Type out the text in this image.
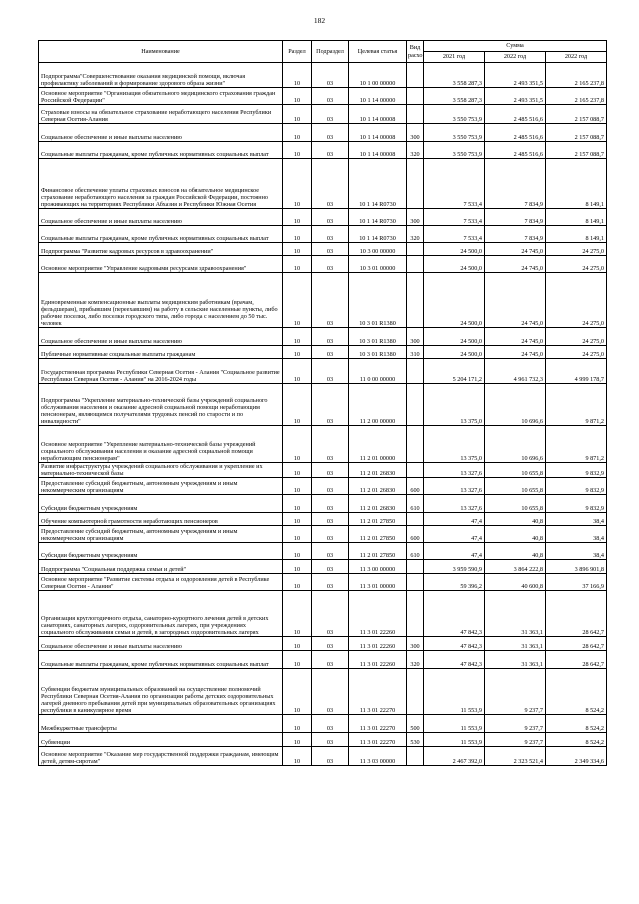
182
Наименование	Раздел	Подраздел	Целевая статья	Вид расхо	Сумма		
					2021 год	2022 год	2022 год
Подпрограмма"Совершенствование оказания медицинской помощи, включая профилактику заболеваний и формирование здорового образа жизни"	10	03	10 1 00 00000		3 558 287,3	2 493 351,5	2 165 237,8
Основное мероприятие "Организация обязательного медицинского страхования граждан Российской Федерации"	10	03	10 1 14 00000		3 558 287,3	2 493 351,5	2 165 237,8
Страховые взносы на обязательное страхование неработающего населения Республики Северная Осетия-Алания	10	03	10 1 14 00008		3 550 753,9	2 485 516,6	2 157 088,7
Социальное обеспечение и иные выплаты населению	10	03	10 1 14 00008	300	3 550 753,9	2 485 516,6	2 157 088,7
Социальные выплаты гражданам, кроме публичных нормативных социальных выплат	10	03	10 1 14 00008	320	3 550 753,9	2 485 516,6	2 157 088,7
Финансовое обеспечение уплаты страховых взносов на обязательное медицинское страхование неработающего населения за граждан Российской Федерации, постоянно проживающих на территориях Республики Абхазия и Республики Южная Осетия	10	03	10 1 14 R0730		7 533,4	7 834,9	8 149,1
Социальное обеспечение и иные выплаты населению	10	03	10 1 14 R0730	300	7 533,4	7 834,9	8 149,1
Социальные выплаты гражданам, кроме публичных нормативных социальных выплат	10	03	10 1 14 R0730	320	7 533,4	7 834,9	8 149,1
Подпрограмма "Развитие кадровых ресурсов в здравоохранении"	10	03	10 3 00 00000		24 500,0	24 745,0	24 275,0
Основное мероприятие "Управление кадровыми ресурсами здравоохранения"	10	03	10 3 01 00000		24 500,0	24 745,0	24 275,0
Единовременные компенсационные выплаты медицинским работникам (врачам, фельдшерам), прибывшим (переехавшим) на работу в сельские населенные пункты, либо рабочие поселки, либо поселки городского типа, либо города с населением до 50 тыс. человек	10	03	10 3 01 R1380		24 500,0	24 745,0	24 275,0
Социальное обеспечение и иные выплаты населению	10	03	10 3 01 R1380	300	24 500,0	24 745,0	24 275,0
Публичные нормативные социальные выплаты гражданам	10	03	10 3 01 R1380	310	24 500,0	24 745,0	24 275,0
Государственная программа Республики Северная Осетия - Алания "Социальное развитие Республики Северная Осетия - Алания" на 2016-2024 годы	10	03	11 0 00 00000		5 204 171,2	4 961 732,3	4 999 178,7
Подпрограмма "Укрепление материально-технической базы учреждений социального обслуживания населения и оказание адресной социальной помощи неработающим пенсионерам, являющимся получателями трудовых пенсий по старости и по инвалидности"	10	03	11 2 00 00000		13 375,0	10 696,6	9 871,2
Основное мероприятие "Укрепление материально-технической базы учреждений социального обслуживания населения и оказание адресной социальной помощи неработающим пенсионерам"	10	03	11 2 01 00000		13 375,0	10 696,6	9 871,2
Развитие инфраструктуры учреждений социального обслуживания и укрепление их материально-технической базы	10	03	11 2 01 26830		13 327,6	10 655,8	9 832,9
Предоставление субсидий бюджетным, автономным учреждениям и иным некоммерческим организациям	10	03	11 2 01 26830	600	13 327,6	10 655,8	9 832,9
Субсидии бюджетным учреждениям	10	03	11 2 01 26830	610	13 327,6	10 655,8	9 832,9
Обучение компьютерной грамотности неработающих пенсионеров	10	03	11 2 01 27850		47,4	40,8	38,4
Предоставление субсидий бюджетным, автономным учреждениям и иным некоммерческим организациям	10	03	11 2 01 27850	600	47,4	40,8	38,4
Субсидии бюджетным учреждениям	10	03	11 2 01 27850	610	47,4	40,8	38,4
Подпрограмма "Социальная поддержка семьи и детей"	10	03	11 3 00 00000		3 959 590,9	3 864 222,8	3 896 901,8
Основное мероприятие "Развитие системы отдыха и оздоровления детей в Республике Северная Осетия - Алания"	10	03	11 3 01 00000		59 396,2	40 600,8	37 166,9
Организация круглогодичного отдыха, санаторно-курортного лечения детей в детских санаториях, санаторных лагерях, оздоровительных лагерях, при учреждениях социального обслуживания семьи и детей, в загородных оздоровительных лагерях	10	03	11 3 01 22260		47 842,3	31 363,1	28 642,7
Социальное обеспечение и иные выплаты населению	10	03	11 3 01 22260	300	47 842,3	31 363,1	28 642,7
Социальные выплаты гражданам, кроме публичных нормативных социальных выплат	10	03	11 3 01 22260	320	47 842,3	31 363,1	28 642,7
Субвенции бюджетам муниципальных образований на осуществление полномочий Республики Северная Осетия-Алания по организации работы детских оздоровительных лагерей дневного пребывания детей при муниципальных образовательных организациях республики в каникулярное время	10	03	11 3 01 22270		11 553,9	9 237,7	8 524,2
Межбюджетные трансферты	10	03	11 3 01 22270	500	11 553,9	9 237,7	8 524,2
Субвенции	10	03	11 3 01 22270	530	11 553,9	9 237,7	8 524,2
Основное мероприятие "Оказание мер государственной поддержки гражданам, имеющим детей, детям-сиротам"	10	03	11 3 03 00000		2 467 392,0	2 323 521,4	2 349 334,6
